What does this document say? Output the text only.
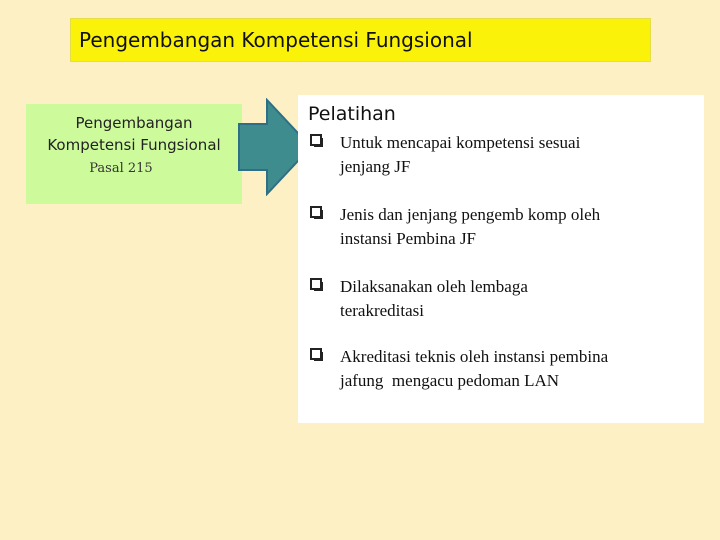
Pengembangan Kompetensi Fungsional
Pengembangan
Kompetensi Fungsional
Pasal 215
Pelatihan
Untuk mencapai kompetensi sesuai
jenjang JF
Jenis dan jenjang pengemb komp oleh
instansi Pembina JF
Dilaksanakan oleh lembaga
terakreditasi
Akreditasi teknis oleh instansi pembina
jafung  mengacu pedoman LAN
